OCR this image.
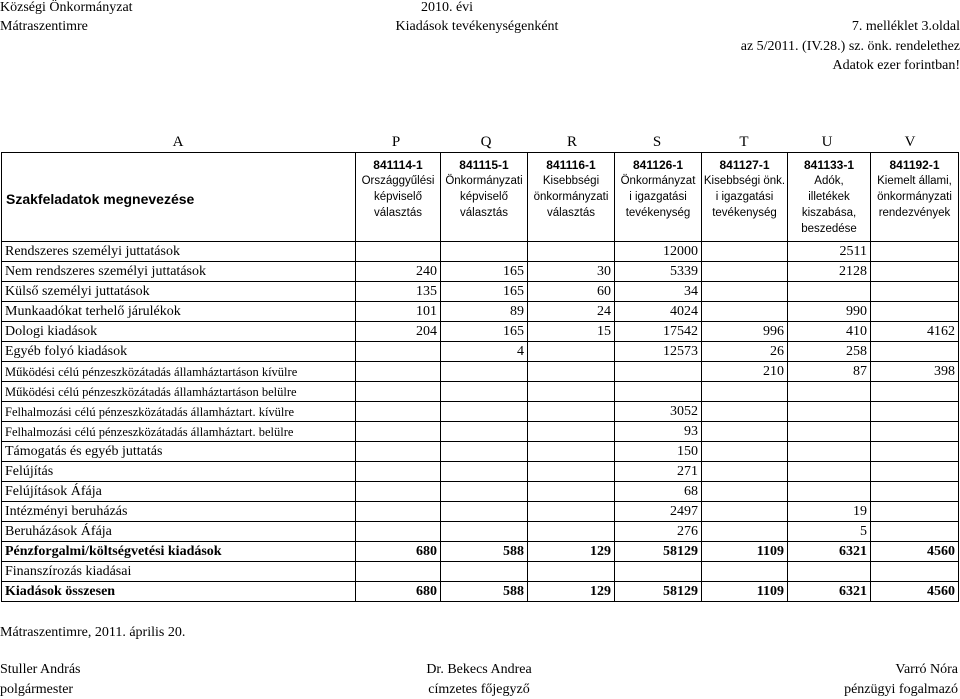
Községi Önkormányzat
Mátraszentimre
2010. évi
Kiadások tevékenységenként	7. melléklet 3.oldal
az 5/2011. (IV.28.) sz. önk. rendelethez
Adatok ezer forintban!
A	P	Q	R	S	T	U	V
Szakfeladatok megnevezése	841114-1
Országgyűlési
képviselő
választás	841115-1
Önkormányzati
képviselő
választás	841116-1
Kisebbségi
önkormányzati
választás	841126-1
Önkormányzat
i igazgatási
tevékenység	841127-1
Kisebbségi önk.
i igazgatási
tevékenység	841133-1
Adók,
illetékek
kiszabása,
beszedése	841192-1
Kiemelt állami,
önkormányzati
rendezvények

Rendszeres személyi juttatások				12000		2511	
Nem rendszeres személyi juttatások	240	165	30	5339		2128	
Külső személyi juttatások	135	165	60	34			
Munkaadókat terhelő járulékok	101	89	24	4024		990	
Dologi kiadások	204	165	15	17542	996	410	4162
Egyéb folyó kiadások		4		12573	26	258	
Működési célú pénzeszközátadás államháztartáson kívülre					210	87	398
Működési célú pénzeszközátadás államháztartáson belülre							
Felhalmozási célú pénzeszközátadás államháztart. kívülre				3052			
Felhalmozási célú pénzeszközátadás államháztart. belülre				93			
Támogatás és egyéb juttatás				150			
Felújítás				271			
Felújítások Áfája				68			
Intézményi beruházás				2497		19	
Beruházások Áfája				276		5	
Pénzforgalmi/költségvetési kiadások	680	588	129	58129	1109	6321	4560
Finanszírozás kiadásai							
Kiadások összesen	680	588	129	58129	1109	6321	4560
Mátraszentimre, 2011. április 20.
Stuller András
polgármester
Dr. Bekecs Andrea
címzetes főjegyző
Varró Nóra
pénzügyi fogalmazó
